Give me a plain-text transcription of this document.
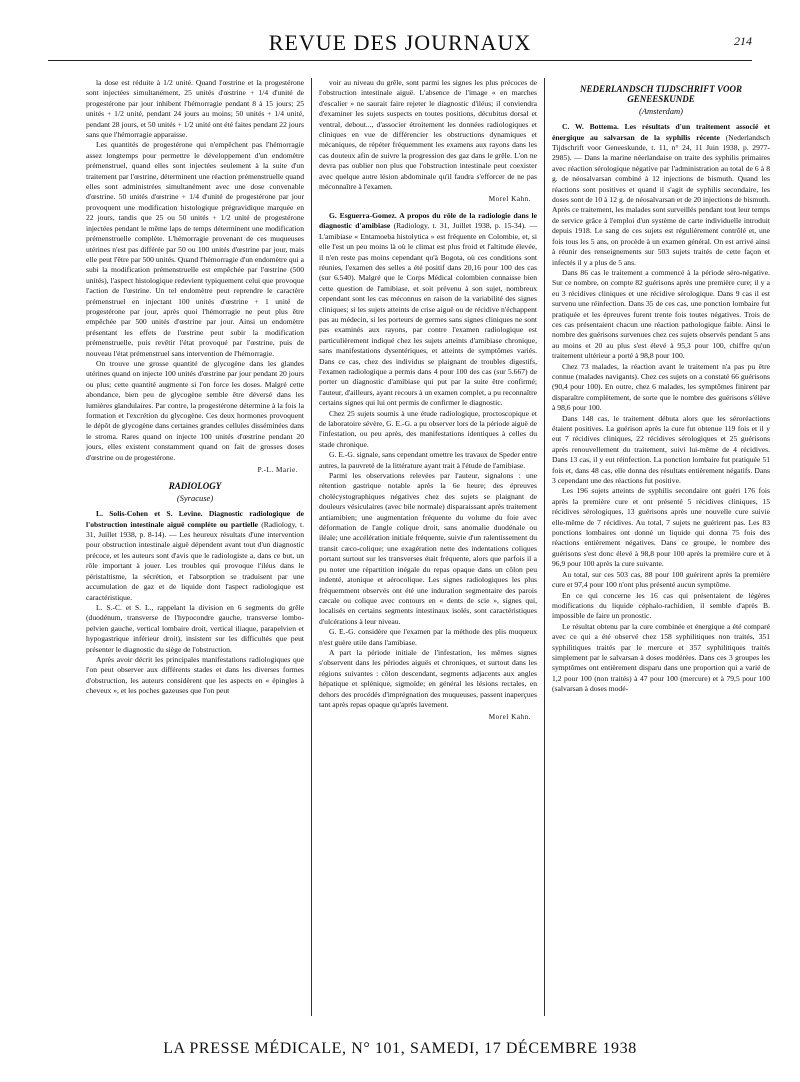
REVUE DES JOURNAUX	214

la dose est réduite à 1/2 unité. Quand l'œstrine et la progestérone sont injectées simultanément, 25 unités d'œstrine + 1/4 d'unité de progestérone par jour inhibent l'hémorragie pendant 8 à 15 jours; 25 unités + 1/2 unité, pendant 24 jours au moins; 50 unités + 1/4 unité, pendant 28 jours, et 50 unités + 1/2 unité ont été faites pendant 22 jours sans que l'hémorragie apparaisse.

Les quantités de progestérone qui n'empêchent pas l'hémorragie assez longtemps pour permettre le développement d'un endomètre prémenstruel, quand elles sont injectées seulement à la suite d'un traitement par l'œstrine, déterminent une réaction prémenstruelle quand elles sont administrées simultanément avec une dose convenable d'œstrine. 50 unités d'œstrine + 1/4 d'unité de progestérone par jour provoquent une modification histologique prégravidique marquée en 22 jours, tandis que 25 ou 50 unités + 1/2 unité de progestérone injectées pendant le même laps de temps déterminent une modification prémenstruelle complète. L'hémorragie provenant de ces muqueuses utérines n'est pas différée par 50 ou 100 unités d'œstrine par jour, mais elle peut l'être par 500 unités. Quand l'hémorragie d'un endomètre qui a subi la modification prémenstruelle est empêchée par l'œstrine (500 unités), l'aspect histologique redevient typiquement celui que provoque l'action de l'œstrine. Un tel endomètre peut reprendre le caractère prémenstruel en injectant 100 unités d'œstrine + 1 unité de progestérone par jour, après quoi l'hémorragie ne peut plus être empêchée par 500 unités d'œstrine par jour. Ainsi un endomètre présentant les effets de l'œstrine peut subir la modification prémenstruelle, puis revêtir l'état provoqué par l'œstrine, puis de nouveau l'état prémenstruel sans intervention de l'hémorragie.

On trouve une grosse quantité de glycogène dans les glandes utérines quand on injecte 100 unités d'œstrine par jour pendant 20 jours ou plus; cette quantité augmente si l'on force les doses. Malgré cette abondance, bien peu de glycogène semble être déversé dans les lumières glandulaires. Par contre, la progestérone détermine à la fois la formation et l'excrétion du glycogène. Ces deux hormones provoquent le dépôt de glycogène dans certaines grandes cellules disséminées dans le stroma. Rares quand on injecte 100 unités d'œstrine pendant 20 jours, elles existent constamment quand on fait de grosses doses d'œstrine ou de progestérone.

P.-L. Marie.
RADIOLOGY
(Syracuse)

L. Solis-Cohen et S. Levine. Diagnostic radiologique de l'obstruction intestinale aiguë complète ou partielle (Radiology, t. 31, Juillet 1938, p. 8-14). — Les heureux résultats d'une intervention pour obstruction intestinale aiguë dépendent avant tout d'un diagnostic précoce, et les auteurs sont d'avis que le radiologiste a, dans ce but, un rôle important à jouer. Les troubles qui provoque l'iléus dans le péristaltisme, la sécrétion, et l'absorption se traduisent par une accumulation de gaz et de liquide dont l'aspect radiologique est caractéristique.

L. S.-C. et S. L., rappelant la division en 6 segments du grêle (duodénum, transverse de l'hypocondre gauche, transverse lombo-pelvien gauche, vertical lombaire droit, vertical iliaque, parapelvien et hypogastrique inférieur droit), insistent sur les difficultés que peut présenter le diagnostic du siège de l'obstruction.

Après avoir décrit les principales manifestations radiologiques que l'on peut observer aux différents stades et dans les diverses formes d'obstruction, les auteurs considèrent que les aspects en « épingles à cheveux », et les poches gazeuses que l'on peut

voir au niveau du grêle, sont parmi les signes les plus précoces de l'obstruction intestinale aiguë. L'absence de l'image « en marches d'escalier » ne saurait faire rejeter le diagnostic d'iléus; il conviendra d'examiner les sujets suspects en toutes positions, décubitus dorsal et ventral, debout..., d'associer étroitement les données radiologiques et cliniques en vue de différencier les obstructions dynamiques et mécaniques, de répéter fréquemment les examens aux rayons dans les cas douteux afin de suivre la progression des gaz dans le grêle. L'on ne devra pas oublier non plus que l'obstruction intestinale peut coexister avec quelque autre lésion abdominale qu'il faudra s'efforcer de ne pas méconnaître à l'examen.

Morel Kahn.

G. Esguerra-Gomez. A propos du rôle de la radiologie dans le diagnostic d'amibiase (Radiology, t. 31, Juillet 1938, p. 15-34). — L'amibiase « Entamoeba histolytica » est fréquente en Colombie, et, si elle l'est un peu moins là où le climat est plus froid et l'altitude élevée, il n'en reste pas moins cependant qu'à Bogota, où ces conditions sont réunies, l'examen des selles a été positif dans 20,16 pour 100 des cas (sur 6.540). Malgré que le Corps Médical colombien connaisse bien cette question de l'amibiase, et soit prévenu à son sujet, nombreux cependant sont les cas méconnus en raison de la variabilité des signes cliniques; si les sujets atteints de crise aiguë ou de récidive n'échappent pas au médecin, si les porteurs de germes sans signes cliniques ne sont pas examinés aux rayons, par contre l'examen radiologique est particulièrement indiqué chez les sujets atteints d'amibiase chronique, sans manifestations dysentériques, et atteints de symptômes variés. Dans ce cas, chez des individus se plaignant de troubles digestifs, l'examen radiologique a permis dans 4 pour 100 des cas (sur 5.667) de porter un diagnostic d'amibiase qui put par la suite être confirmé; l'auteur, d'ailleurs, ayant recours à un examen complet, a pu reconnaître certains signes qui lui ont permis de confirmer le diagnostic.

Chez 25 sujets soumis à une étude radiologique, proctoscopique et de laboratoire sévère, G. E.-G. a pu observer lors de la période aiguë de l'infestation, ou peu après, des manifestations identiques à celles du stade chronique.

G. E.-G. signale, sans cependant omettre les travaux de Speder entre autres, la pauvreté de la littérature ayant trait à l'étude de l'amibiase.

Parmi les observations relevées par l'auteur, signalons : une rétention gastrique notable après la 6e heure; des épreuves cholécystographiques négatives chez des sujets se plaignant de douleurs vésiculaires (avec bile normale) disparaissant après traitement antiamibien; une augmentation fréquente du volume du foie avec déformation de l'angle colique droit, sans anomalie duodénale ou iléale; une accélération initiale fréquente, suivie d'un ralentissement du transit cæco-colique; une exagération nette des indentations coliques portant surtout sur les transverses était fréquente, alors que parfois il a pu noter une répartition inégale du repas opaque dans un côlon peu indenté, atonique et aérocolique. Les signes radiologiques les plus fréquemment observés ont été une induration segmentaire des parois cæcale ou colique avec contours en « dents de scie », signes qui, localisés en certains segments intestinaux isolés, sont caractéristiques d'ulcérations à leur niveau.

G. E.-G. considère que l'examen par la méthode des plis muqueux n'est guère utile dans l'amibiase.

A part la période initiale de l'infestation, les mêmes signes s'observent dans les périodes aiguës et chroniques, et surtout dans les régions suivantes : côlon descendant, segments adjacents aux angles hépatique et splénique, sigmoïde; en général les lésions rectales, en dehors des procédés d'imprégnation des muqueuses, passent inaperçues tant après repas opaque qu'après lavement.

Morel Kahn.
NEDERLANDSCH TIJDSCHRIFT VOOR GENEESKUNDE
(Amsterdam)

C. W. Bottema. Les résultats d'un traitement associé et énergique au salvarsan de la syphilis récente (Nederlandsch Tijdschrift voor Geneeskunde, t. 11, n° 24, 11 Juin 1938, p. 2977-2985). — Dans la marine néerlandaise on traite des syphilis primaires avec réaction sérologique négative par l'administration au total de 6 à 8 g. de néosalvarsan combiné à 12 injections de bismuth. Quand les réactions sont positives et quand il s'agit de syphilis secondaire, les doses sont de 10 à 12 g. de néosalvarsan et de 20 injections de bismuth. Après ce traitement, les malades sont surveillés pendant tout leur temps de service grâce à l'emploi d'un système de carte individuelle introduit depuis 1918. Le sang de ces sujets est régulièrement contrôlé et, une fois tous les 5 ans, on procède à un examen général. On est arrivé ainsi à réunir des renseignements sur 503 sujets traités de cette façon et infectés il y a plus de 5 ans.

Dans 86 cas le traitement a commencé à la période séro-négative. Sur ce nombre, on compte 82 guérisons après une première cure; il y a eu 3 récidives cliniques et une récidive sérologique. Dans 9 cas il est survenu une réinfection. Dans 35 de ces cas, une ponction lombaire fut pratiquée et les épreuves furent trente fois toutes négatives. Trois de ces cas présentaient chacun une réaction pathologique faible. Ainsi le nombre des guérisons survenues chez ces sujets observés pendant 5 ans au moins et 20 au plus s'est élevé à 95,3 pour 100, chiffre qu'un traitement ultérieur a porté à 98,8 pour 100.

Chez 73 malades, la réaction avant le traitement n'a pas pu être connue (malades navigants). Chez ces sujets on a constaté 66 guérisons (90,4 pour 100). En outre, chez 6 malades, les symptômes finirent par disparaître complètement, de sorte que le nombre des guérisons s'élève à 98,6 pour 100.

Dans 148 cas, le traitement débuta alors que les séroréactions étaient positives. La guérison après la cure fut obtenue 119 fois et il y eut 7 récidives cliniques, 22 récidives sérologiques et 25 guérisons après renouvellement du traitement, suivi lui-même de 4 récidives. Dans 13 cas, il y eut réinfection. La ponction lombaire fut pratiquée 51 fois et, dans 48 cas, elle donna des résultats entièrement négatifs. Dans 3 cependant une des réactions fut positive.

Les 196 sujets atteints de syphilis secondaire ont guéri 176 fois après la première cure et ont présenté 5 récidives cliniques, 15 récidives sérologiques, 13 guérisons après une nouvelle cure suivie elle-même de 7 récidives. Au total, 7 sujets ne guérirent pas. Les 83 ponctions lombaires ont donné un liquide qui donna 75 fois des réactions entièrement négatives. Dans ce groupe, le nombre des guérisons s'est donc élevé à 98,8 pour 100 après la première cure et à 96,9 pour 100 après la cure suivante.

Au total, sur ces 503 cas, 88 pour 100 guérirent après la première cure et 97,4 pour 100 n'ont plus présenté aucun symptôme.

En ce qui concerne les 16 cas qui présentaient de légères modifications du liquide céphalo-rachidien, il semble d'après B. impossible de faire un pronostic.

Le résultat obtenu par la cure combinée et énergique a été comparé avec ce qui a été observé chez 158 syphilitiques non traités, 351 syphilitiques traités par le mercure et 357 syphilitiques traités simplement par le salvarsan à doses modérées. Dans ces 3 groupes les symptômes ont entièrement disparu dans une proportion qui a varié de 1,2 pour 100 (non traités) à 47 pour 100 (mercure) et à 79,5 pour 100 (salvarsan à doses modé-

LA PRESSE MÉDICALE, N° 101, SAMEDI, 17 DÉCEMBRE 1938
